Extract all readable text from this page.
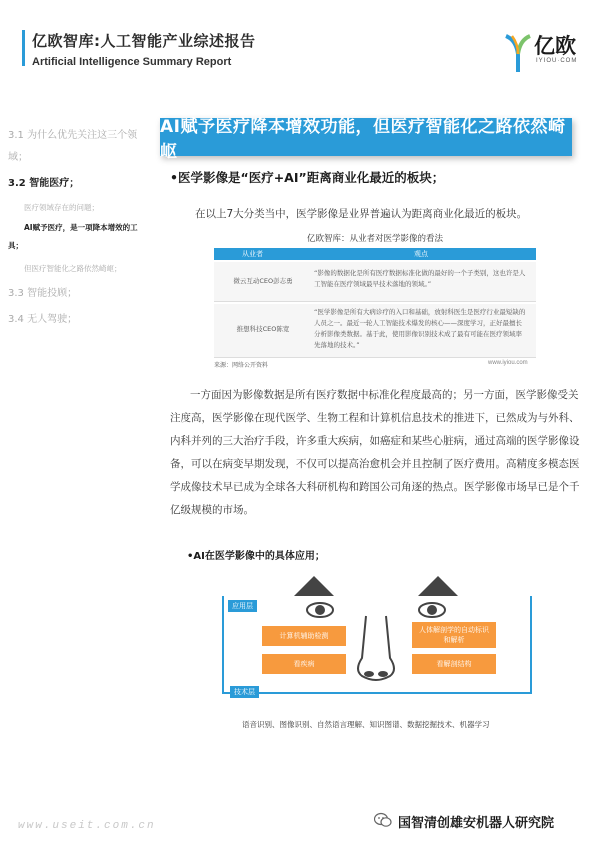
亿欧智库:人工智能产业综述报告
Artificial Intelligence Summary Report
亿欧
IYIOU·COM
3.1 为什么优先关注这三个领
域；
3.2 智能医疗；
医疗领域存在的问题；
AI赋予医疗，是一项降本增效的工
具；
但医疗智能化之路依然崎岖；
3.3 智能投顾；
3.4 无人驾驶；
AI赋予医疗降本增效功能，但医疗智能化之路依然崎岖
•医学影像是“医疗+AI”距离商业化最近的板块；
在以上7大分类当中，医学影像是业界普遍认为距离商业化最近的板块。
亿欧智库：从业者对医学影像的看法
从业者	观点
微云互动CEO彭志勇
“影像的数据化是所有医疗数据标准化做的最好的一个子类别，这也许是人工智能在医疗领域最早技术落地的领域。”
推想科技CEO陈宽
“医学影像是所有大病诊疗的入口和基础，放射科医生是医疗行业最短缺的人员之一。最近一轮人工智能技术爆发的核心——深度学习，正好最擅长分析影像类数据。基于此，使用影像识别技术成了最有可能在医疗领域率先落地的技术。”
来源：网络公开资料	www.iyiou.com
一方面因为影像数据是所有医疗数据中标准化程度最高的；另一方面，医学影像受关注度高，医学影像在现代医学、生物工程和计算机信息技术的推进下，已然成为与外科、内科并列的三大治疗手段，许多重大疾病，如癌症和某些心脏病，通过高端的医学影像设备，可以在病变早期发现，不仅可以提高治愈机会并且控制了医疗费用。高精度多模态医学成像技术早已成为全球各大科研机构和跨国公司角逐的热点。医学影像市场早已是个千亿级规模的市场。
•AI在医学影像中的具体应用；
应用层
技术层
计算机辅助检测
看疾病
人体解剖学的自动标识和解析
看解剖结构
语音识别、图像识别、自然语言理解、知识图谱、数据挖掘技术、机器学习
www.useit.com.cn	国智清创雄安机器人研究院
